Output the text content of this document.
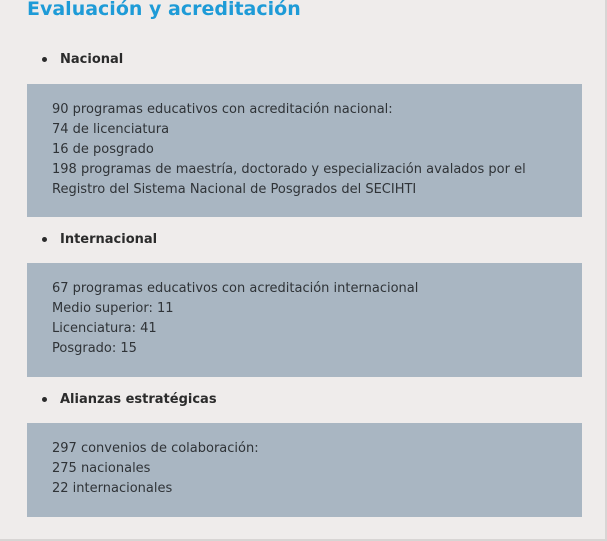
Evaluación y acreditación
Nacional
90 programas educativos con acreditación nacional:
74 de licenciatura
16 de posgrado
198 programas de maestría, doctorado y especialización avalados por el
Registro del Sistema Nacional de Posgrados del SECIHTI
Internacional
67 programas educativos con acreditación internacional
Medio superior: 11
Licenciatura: 41
Posgrado: 15
Alianzas estratégicas
297 convenios de colaboración:
275 nacionales
22 internacionales
